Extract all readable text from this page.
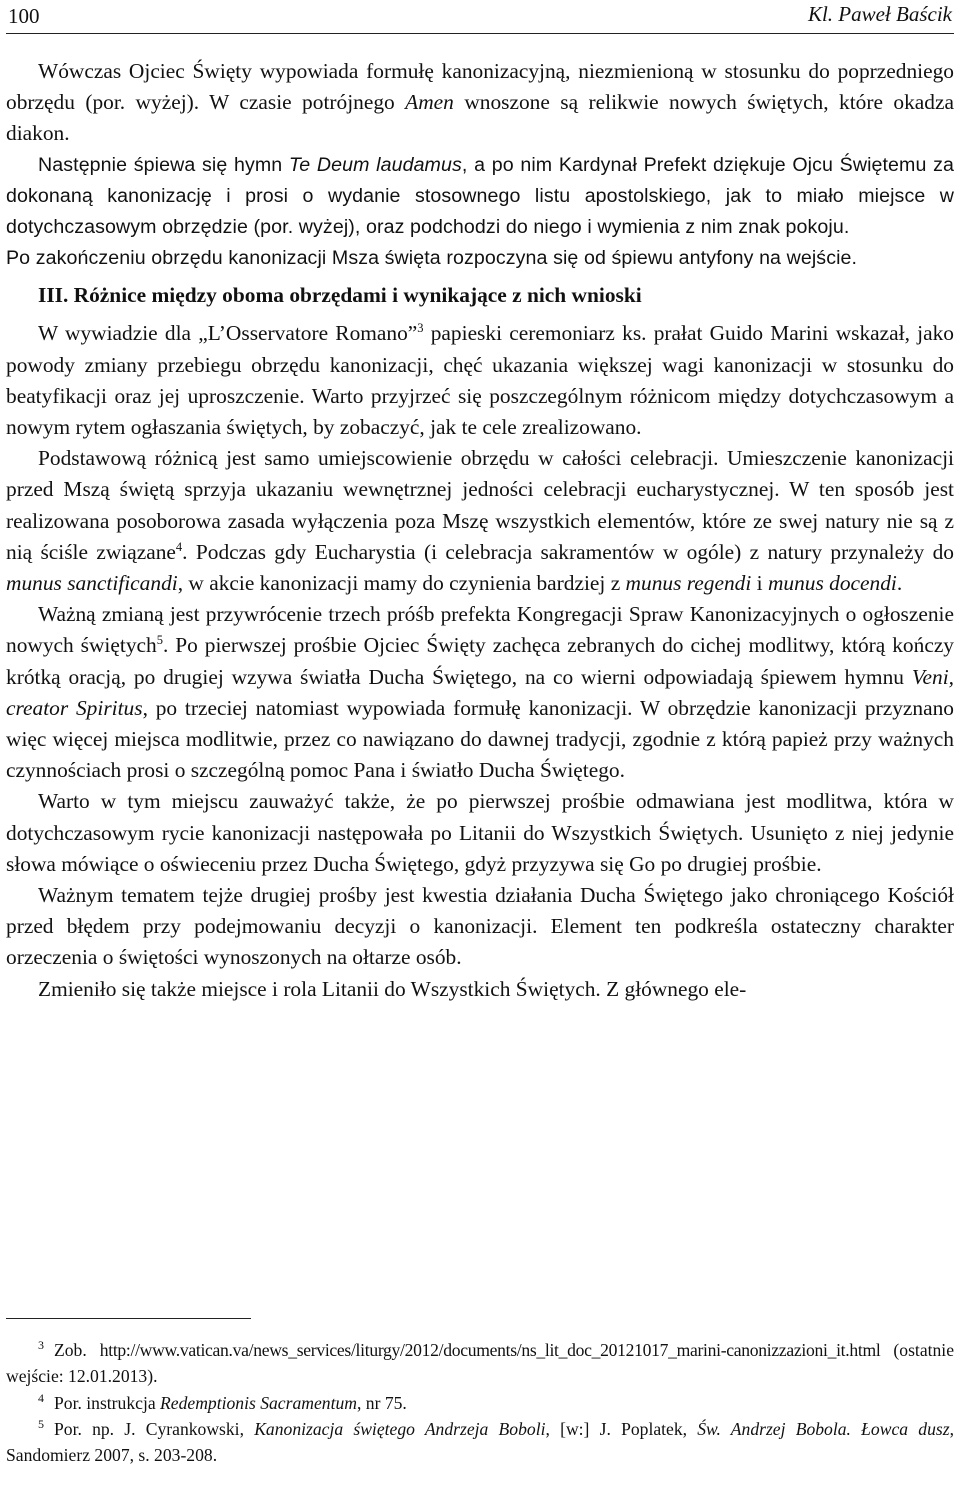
100	Kl. Paweł Baścik

Wówczas Ojciec Święty wypowiada formułę kanonizacyjną, niezmienioną w stosunku do poprzedniego obrzędu (por. wyżej). W czasie potrójnego Amen wnoszone są relikwie nowych świętych, które okadza diakon.

Następnie śpiewa się hymn Te Deum laudamus, a po nim Kardynał Prefekt dziękuje Ojcu Świętemu za dokonaną kanonizację i prosi o wydanie stosownego listu apostolskiego, jak to miało miejsce w dotychczasowym obrzędzie (por. wyżej), oraz podchodzi do niego i wymienia z nim znak pokoju.

Po zakończeniu obrzędu kanonizacji Msza święta rozpoczyna się od śpiewu antyfony na wejście.

III. Różnice między oboma obrzędami i wynikające z nich wnioski

W wywiadzie dla „L’Osservatore Romano”$^3$ papieski ceremoniarz ks. prałat Guido Marini wskazał, jako powody zmiany przebiegu obrzędu kanonizacji, chęć ukazania większej wagi kanonizacji w stosunku do beatyfikacji oraz jej uproszczenie. Warto przyjrzeć się poszczególnym różnicom między dotychczasowym a nowym rytem ogłaszania świętych, by zobaczyć, jak te cele zrealizowano.

Podstawową różnicą jest samo umiejscowienie obrzędu w całości celebracji. Umieszczenie kanonizacji przed Mszą świętą sprzyja ukazaniu wewnętrznej jedności celebracji eucharystycznej. W ten sposób jest realizowana posoborowa zasada wyłączenia poza Mszę wszystkich elementów, które ze swej natury nie są z nią ściśle związane$^4$. Podczas gdy Eucharystia (i celebracja sakramentów w ogóle) z natury przynależy do munus sanctificandi, w akcie kanonizacji mamy do czynienia bardziej z munus regendi i munus docendi.

Ważną zmianą jest przywrócenie trzech próśb prefekta Kongregacji Spraw Kanonizacyjnych o ogłoszenie nowych świętych$^5$. Po pierwszej prośbie Ojciec Święty zachęca zebranych do cichej modlitwy, którą kończy krótką oracją, po drugiej wzywa światła Ducha Świętego, na co wierni odpowiadają śpiewem hymnu Veni, creator Spiritus, po trzeciej natomiast wypowiada formułę kanonizacji. W obrzędzie kanonizacji przyznano więc więcej miejsca modlitwie, przez co nawiązano do dawnej tradycji, zgodnie z którą papież przy ważnych czynnościach prosi o szczególną pomoc Pana i światło Ducha Świętego.

Warto w tym miejscu zauważyć także, że po pierwszej prośbie odmawiana jest modlitwa, która w dotychczasowym rycie kanonizacji następowała po Litanii do Wszystkich Świętych. Usunięto z niej jedynie słowa mówiące o oświeceniu przez Ducha Świętego, gdyż przyzywa się Go po drugiej prośbie.

Ważnym tematem tejże drugiej prośby jest kwestia działania Ducha Świętego jako chroniącego Kościół przed błędem przy podejmowaniu decyzji o kanonizacji. Element ten podkreśla ostateczny charakter orzeczenia o świętości wynoszonych na ołtarze osób.

Zmieniło się także miejsce i rola Litanii do Wszystkich Świętych. Z głównego ele-

$^3$ Zob. http://www.vatican.va/news_services/liturgy/2012/documents/ns_lit_doc_20121017_marini-canonizzazioni_it.html (ostatnie wejście: 12.01.2013).

$^4$ Por. instrukcja Redemptionis Sacramentum, nr 75.

$^5$ Por. np. J. Cyrankowski, Kanonizacja świętego Andrzeja Boboli, [w:] J. Poplatek, Św. Andrzej Bobola. Łowca dusz, Sandomierz 2007, s. 203-208.
